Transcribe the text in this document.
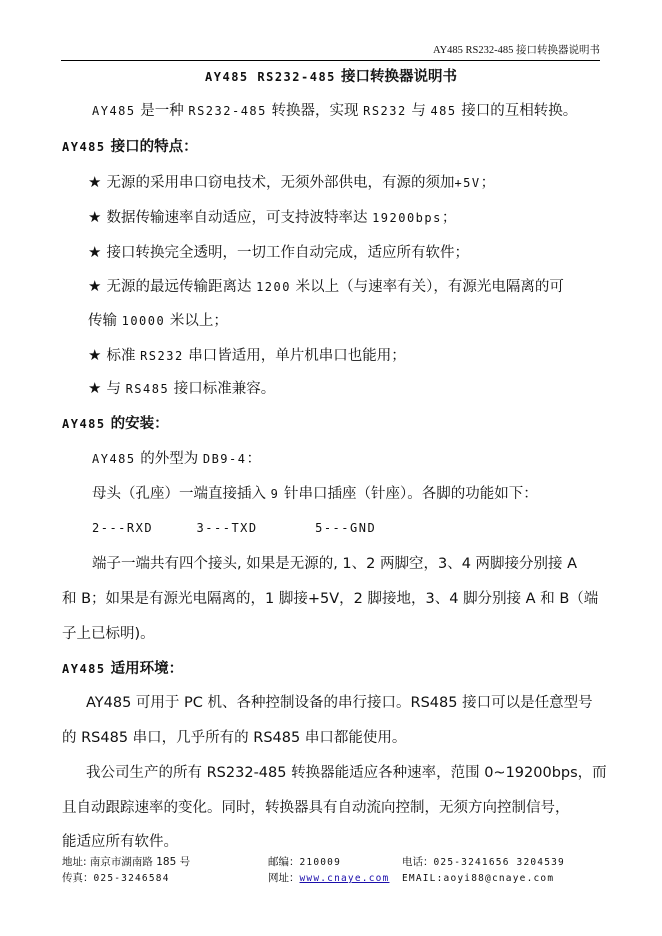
AY485 RS232-485 接口转换器说明书
AY485 RS232-485 接口转换器说明书
AY485 是一种 RS232-485 转换器，实现 RS232 与 485 接口的互相转换。
AY485 接口的特点：
★ 无源的采用串口窃电技术，无须外部供电，有源的须加+5V；
★ 数据传输速率自动适应，可支持波特率达 19200bps；
★ 接口转换完全透明，一切工作自动完成，适应所有软件；
★ 无源的最远传输距离达 1200 米以上（与速率有关），有源光电隔离的可
传输 10000 米以上；
★ 标准 RS232 串口皆适用，单片机串口也能用；
★ 与 RS485 接口标准兼容。
AY485 的安装：
AY485 的外型为 DB9-4：
母头（孔座）一端直接插入 9 针串口插座（针座）。各脚的功能如下：
2---RXD	3---TXD	5---GND
端子一端共有四个接头, 如果是无源的, 1、2 两脚空，3、4 两脚接分别接 A
和 B；如果是有源光电隔离的，1 脚接+5V，2 脚接地，3、4 脚分别接 A 和 B（端
子上已标明)。
AY485 适用环境：
AY485 可用于 PC 机、各种控制设备的串行接口。RS485 接口可以是任意型号
的 RS485 串口，几乎所有的 RS485 串口都能使用。
我公司生产的所有 RS232-485 转换器能适应各种速率，范围 0~19200bps，而
且自动跟踪速率的变化。同时，转换器具有自动流向控制，无须方向控制信号，
能适应所有软件。
地址: 南京市湖南路 185 号
传真：025-3246584
邮编：210009
网址：www.cnaye.com
电话：025-3241656 3204539
EMAIL:aoyi88@cnaye.com
